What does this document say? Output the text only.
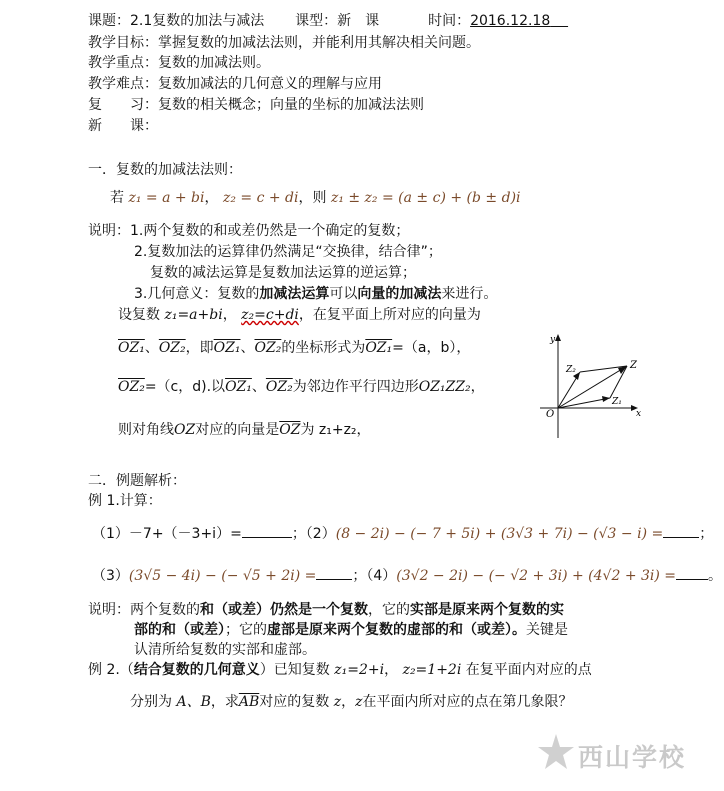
课题：2.1复数的加法与减法 课型：新　课	时间：2016.12.18
教学目标：掌握复数的加减法法则，并能利用其解决相关问题。
教学重点：复数的加减法则。
教学难点：复数加减法的几何意义的理解与应用
复　　习：复数的相关概念；向量的坐标的加减法法则
新　　课：
一．复数的加减法法则：
若 z₁ = a + bi， z₂ = c + di，则 z₁ ± z₂ = (a ± c) + (b ± d)i
说明：1.两个复数的和或差仍然是一个确定的复数；
2.复数加法的运算律仍然满足“交换律，结合律”；
复数的减法运算是复数加法运算的逆运算；
3.几何意义：复数的加减法运算可以向量的加减法来进行。
设复数 z₁=a+bi， z₂=c+di，在复平面上所对应的向量为
OZ₁、OZ₂，即OZ₁、OZ₂的坐标形式为OZ₁=（a，b），
OZ₂=（c，d).以OZ₁、OZ₂为邻边作平行四边形OZ₁ZZ₂，
则对角线OZ对应的向量是$\overline{OZ}$为 z₁+z₂，
y
x
O
Z
Z₂
Z₁
二．例题解析：
例 1.计算：
（1）－7+（－3+i）=	；（2）(8 − 2i) − (− 7 + 5i) + (3√3 + 7i) − (√3 − i) =	；
（3）(3√5 − 4i) − (− √5 + 2i) =	；（4）(3√2 − 2i) − (− √2 + 3i) + (4√2 + 3i) = 。
说明：两个复数的和（或差）仍然是一个复数，它的实部是原来两个复数的实
部的和（或差）；它的虚部是原来两个复数的虚部的和（或差）。关键是
认清所给复数的实部和虚部。
例 2.（结合复数的几何意义）已知复数 z₁=2+i， z₂=1+2i 在复平面内对应的点
分别为 A、B，求$\overline{AB}$对应的复数 z，z在平面内所对应的点在第几象限？
西山学校
